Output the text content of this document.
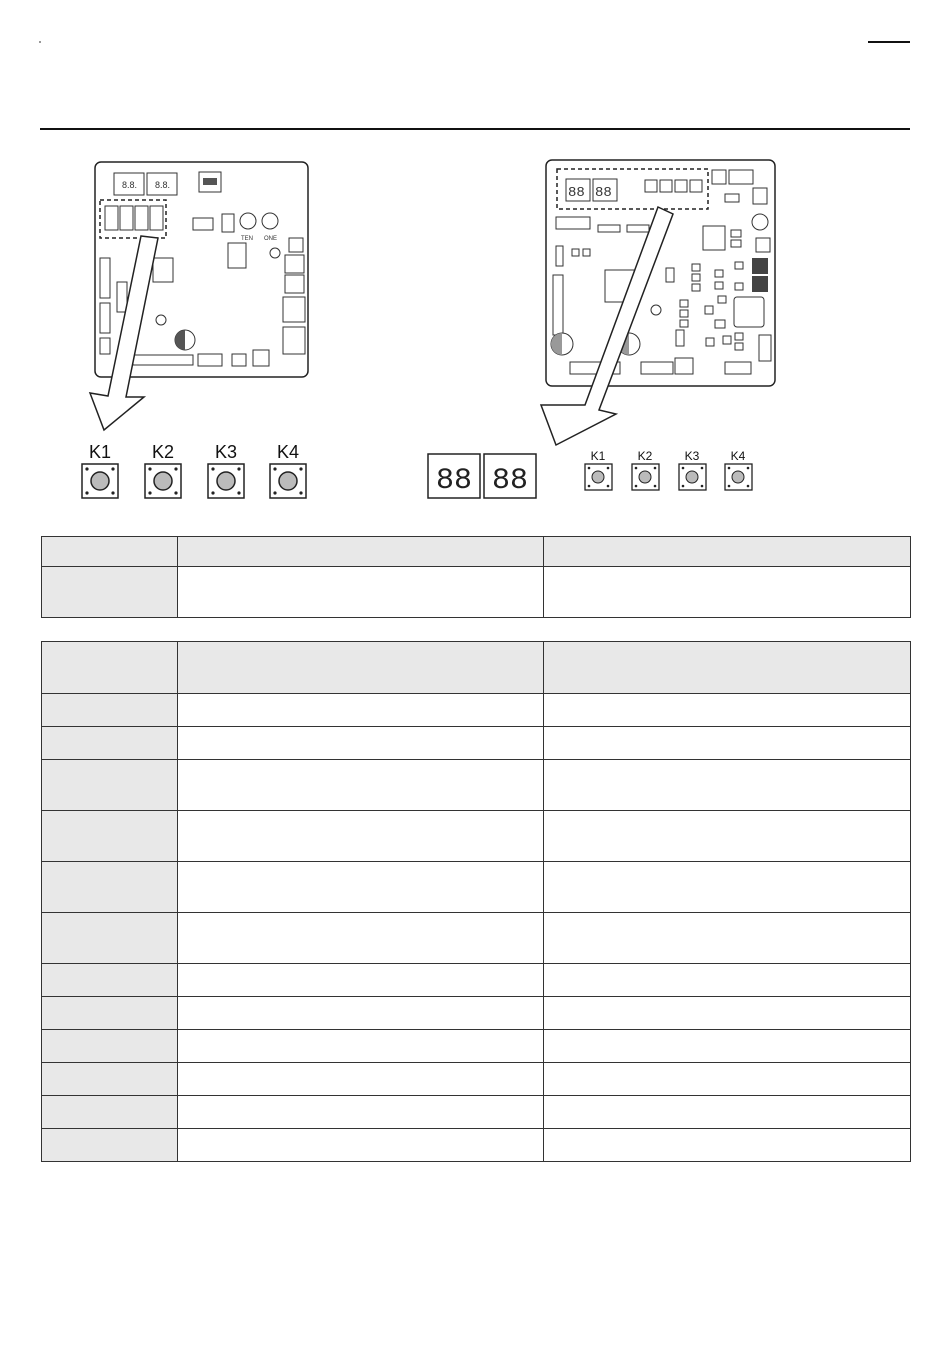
8.8. 8.8.
TEN ONE
K1 K2 K3 K4
88 88
88 88
K1	K2	K3	K4
